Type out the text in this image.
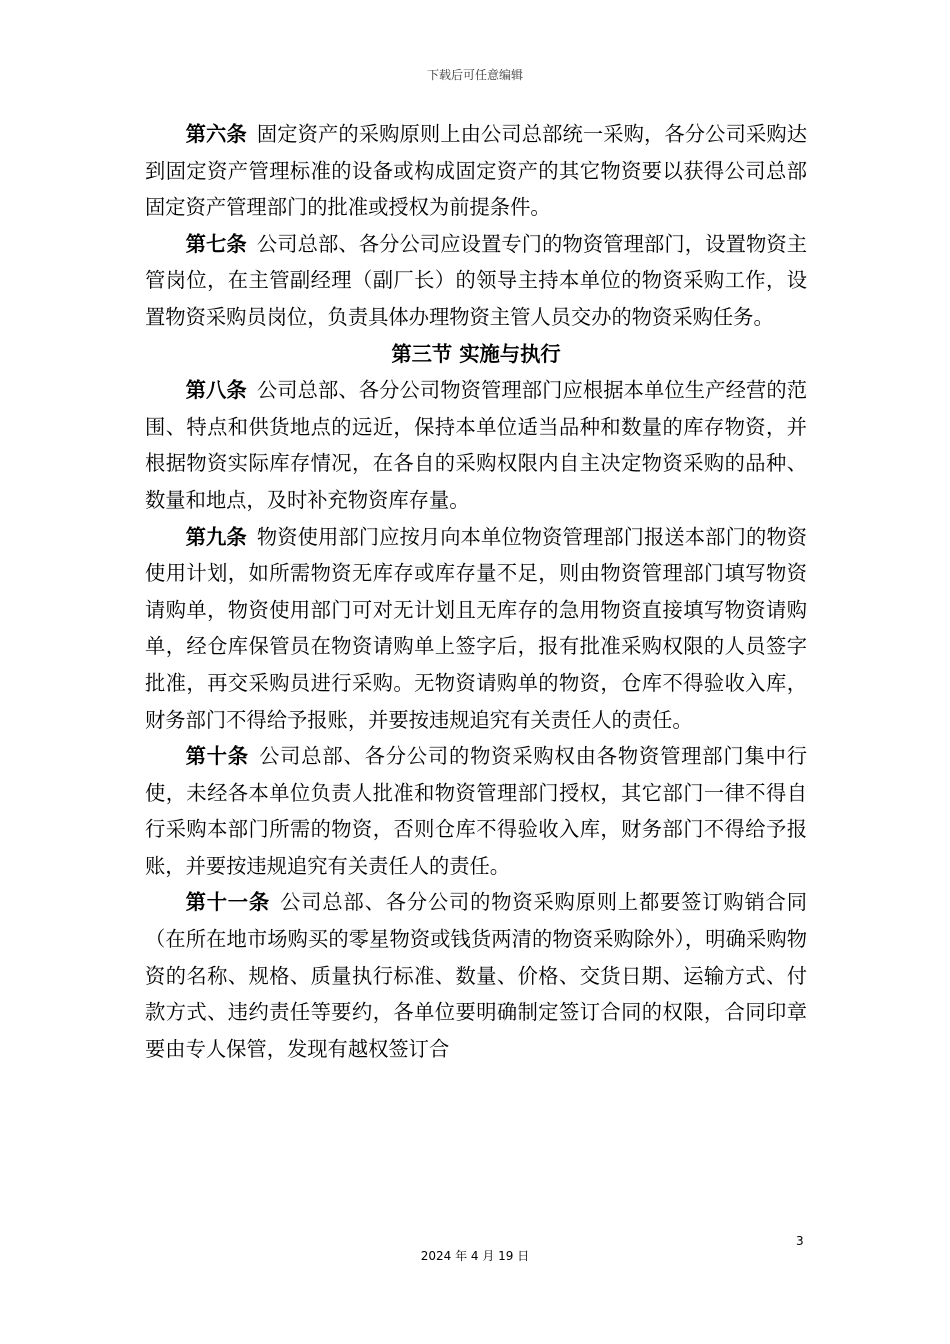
下载后可任意编辑

第六条 固定资产的采购原则上由公司总部统一采购，各分公司采购达到固定资产管理标准的设备或构成固定资产的其它物资要以获得公司总部固定资产管理部门的批准或授权为前提条件。

第七条 公司总部、各分公司应设置专门的物资管理部门，设置物资主管岗位，在主管副经理（副厂长）的领导主持本单位的物资采购工作，设置物资采购员岗位，负责具体办理物资主管人员交办的物资采购任务。

第三节 实施与执行

第八条 公司总部、各分公司物资管理部门应根据本单位生产经营的范围、特点和供货地点的远近，保持本单位适当品种和数量的库存物资，并根据物资实际库存情况，在各自的采购权限内自主决定物资采购的品种、数量和地点，及时补充物资库存量。

第九条 物资使用部门应按月向本单位物资管理部门报送本部门的物资使用计划，如所需物资无库存或库存量不足，则由物资管理部门填写物资请购单，物资使用部门可对无计划且无库存的急用物资直接填写物资请购单，经仓库保管员在物资请购单上签字后，报有批准采购权限的人员签字批准，再交采购员进行采购。无物资请购单的物资，仓库不得验收入库，财务部门不得给予报账，并要按违规追究有关责任人的责任。

第十条 公司总部、各分公司的物资采购权由各物资管理部门集中行使，未经各本单位负责人批准和物资管理部门授权，其它部门一律不得自行采购本部门所需的物资，否则仓库不得验收入库，财务部门不得给予报账，并要按违规追究有关责任人的责任。

第十一条 公司总部、各分公司的物资采购原则上都要签订购销合同（在所在地市场购买的零星物资或钱货两清的物资采购除外），明确采购物资的名称、规格、质量执行标准、数量、价格、交货日期、运输方式、付款方式、违约责任等要约，各单位要明确制定签订合同的权限，合同印章要由专人保管，发现有越权签订合

3
2024 年 4 月 19 日
